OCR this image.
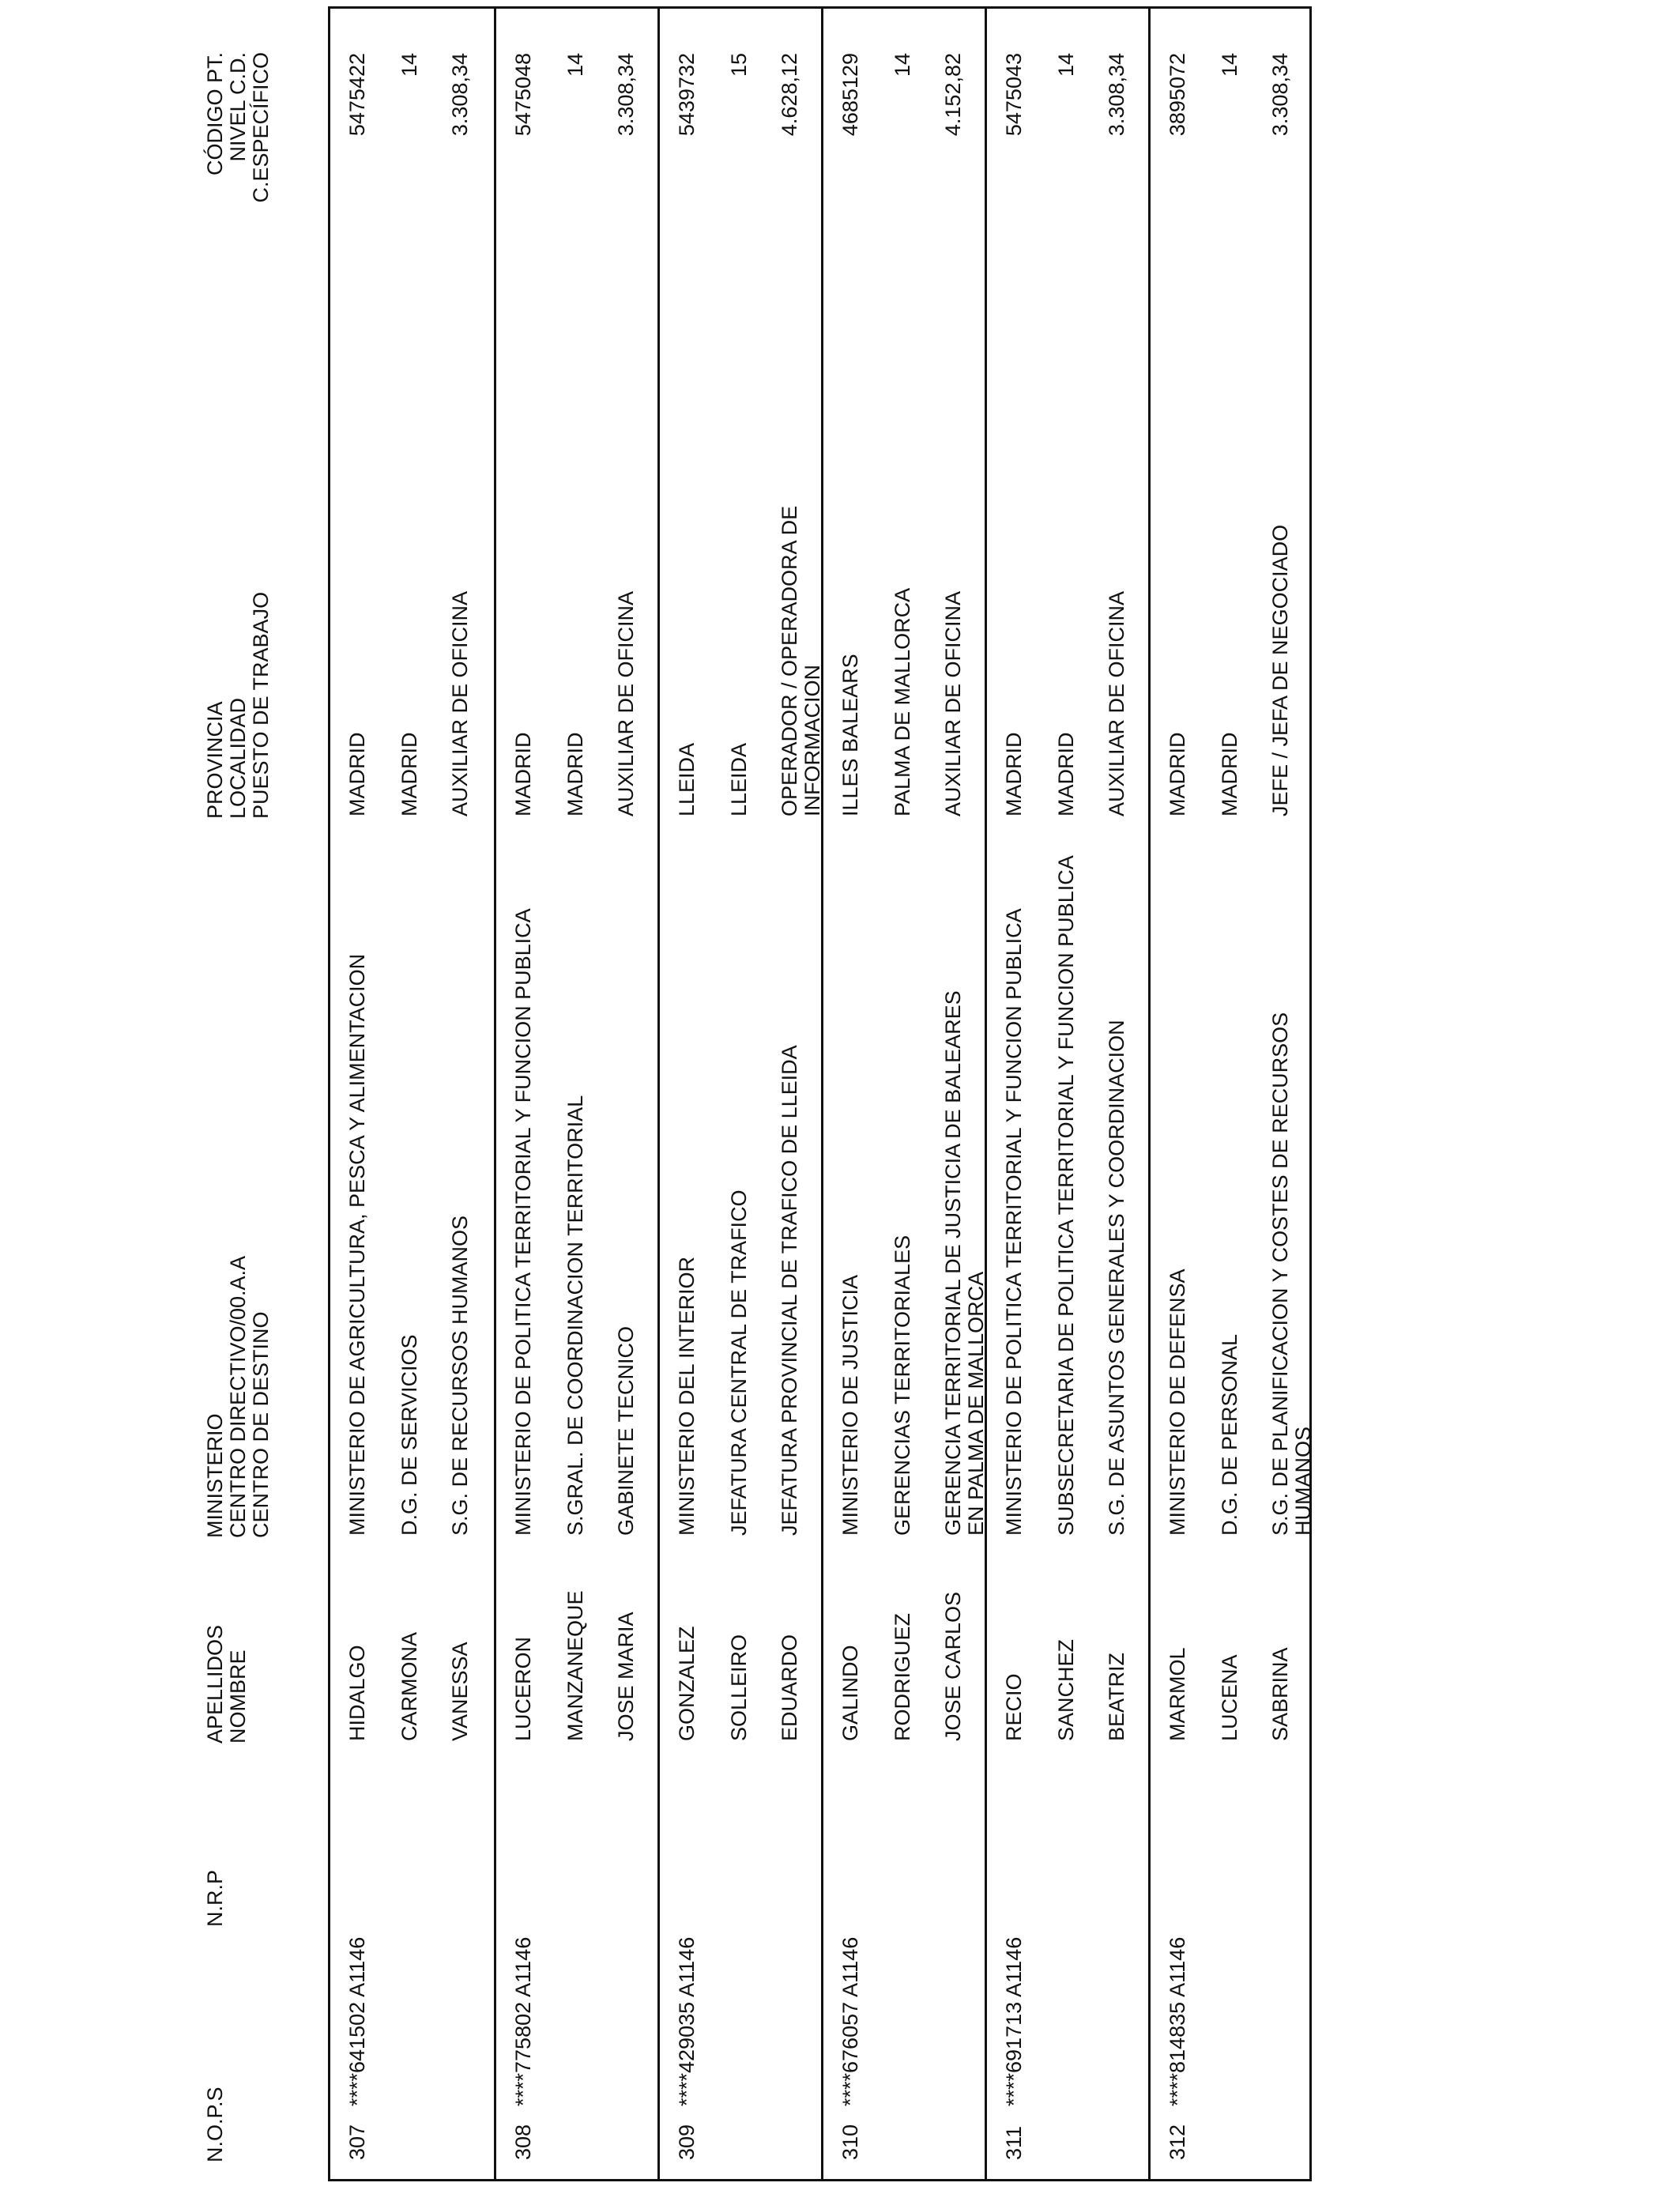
N.O.P.S
N.R.P
APELLIDOS NOMBRE
MINISTERIO CENTRO DIRECTIVO/00.A.A CENTRO DE DESTINO
PROVINCIA LOCALIDAD PUESTO DE TRABAJO
CÓDIGO PT. NIVEL C.D. C.ESPECÍFICO
307
****641502 A1146
HIDALGO CARMONA VANESSA
MINISTERIO DE AGRICULTURA, PESCA Y ALIMENTACION D.G. DE SERVICIOS S.G. DE RECURSOS HUMANOS
MADRID MADRID AUXILIAR DE OFICINA
5475422 14 3.308,34
308
****775802 A1146
LUCERON MANZANEQUE JOSE MARIA
MINISTERIO DE POLITICA TERRITORIAL Y FUNCION PUBLICA S.GRAL. DE COORDINACION TERRITORIAL GABINETE TECNICO
MADRID MADRID AUXILIAR DE OFICINA
5475048 14 3.308,34
309
****429035 A1146
GONZALEZ SOLLEIRO EDUARDO
MINISTERIO DEL INTERIOR JEFATURA CENTRAL DE TRAFICO JEFATURA PROVINCIAL DE TRAFICO DE LLEIDA
LLEIDA LLEIDA OPERADOR / OPERADORA DE INFORMACION
5439732 15 4.628,12
310
****676057 A1146
GALINDO RODRIGUEZ JOSE CARLOS
MINISTERIO DE JUSTICIA GERENCIAS TERRITORIALES GERENCIA TERRITORIAL DE JUSTICIA DE BALEARES EN PALMA DE MALLORCA
ILLES BALEARS PALMA DE MALLORCA AUXILIAR DE OFICINA
4685129 14 4.152,82
311
****691713 A1146
RECIO SANCHEZ BEATRIZ
MINISTERIO DE POLITICA TERRITORIAL Y FUNCION PUBLICA SUBSECRETARIA DE POLITICA TERRITORIAL Y FUNCION PUBLICA S.G. DE ASUNTOS GENERALES Y COORDINACION
MADRID MADRID AUXILIAR DE OFICINA
5475043 14 3.308,34
312
****814835 A1146
MARMOL LUCENA SABRINA
MINISTERIO DE DEFENSA D.G. DE PERSONAL S.G. DE PLANIFICACION Y COSTES DE RECURSOS HUMANOS
MADRID MADRID JEFE / JEFA DE NEGOCIADO
3895072 14 3.308,34
